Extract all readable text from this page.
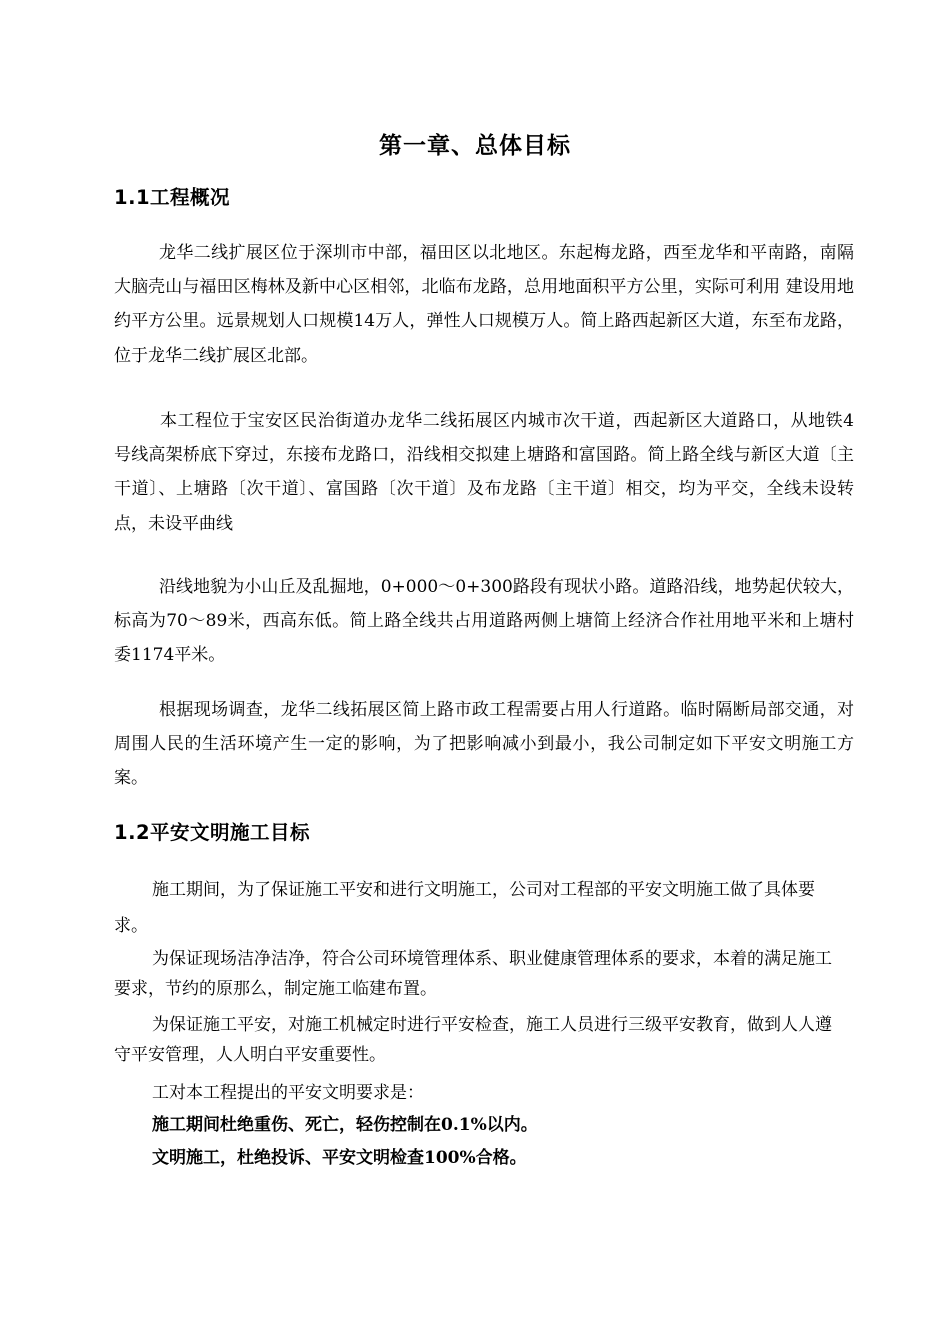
第一章、总体目标
1.1工程概况

龙华二线扩展区位于深圳市中部，福田区以北地区。东起梅龙路，西至龙华和平南路，南隔 大脑壳山与福田区梅林及新中心区相邻，北临布龙路，总用地面积平方公里，实际可利用 建设用地约平方公里。远景规划人口规模14万人，弹性人口规模万人。简上路西起新区大道，东至布龙路，位于龙华二线扩展区北部。

本工程位于宝安区民治街道办龙华二线拓展区内城市次干道，西起新区大道路口，从地铁4 号线高架桥底下穿过，东接布龙路口，沿线相交拟建上塘路和富国路。简上路全线与新区大道〔主干道〕、上塘路〔次干道〕、富国路〔次干道〕及布龙路〔主干道〕相交，均为平交，全线未设转点，未设平曲线

沿线地貌为小山丘及乱掘地，0+000～0+300路段有现状小路。道路沿线，地势起伏较大，标高为70～89米，西高东低。简上路全线共占用道路两侧上塘简上经济合作社用地平米和上塘村委1174平米。

根据现场调查，龙华二线拓展区简上路市政工程需要占用人行道路。临时隔断局部交通，对周围人民的生活环境产生一定的影响，为了把影响减小到最小，我公司制定如下平安文明施工方案。

1.2平安文明施工目标

施工期间，为了保证施工平安和进行文明施工，公司对工程部的平安文明施工做了具体要求。

为保证现场洁净洁净，符合公司环境管理体系、职业健康管理体系的要求，本着的满足施工要求，节约的原那么，制定施工临建布置。

为保证施工平安，对施工机械定时进行平安检查，施工人员进行三级平安教育，做到人人遵守平安管理，人人明白平安重要性。

工对本工程提出的平安文明要求是：

施工期间杜绝重伤、死亡，轻伤控制在0.1%以内。

文明施工，杜绝投诉、平安文明检查100%合格。
